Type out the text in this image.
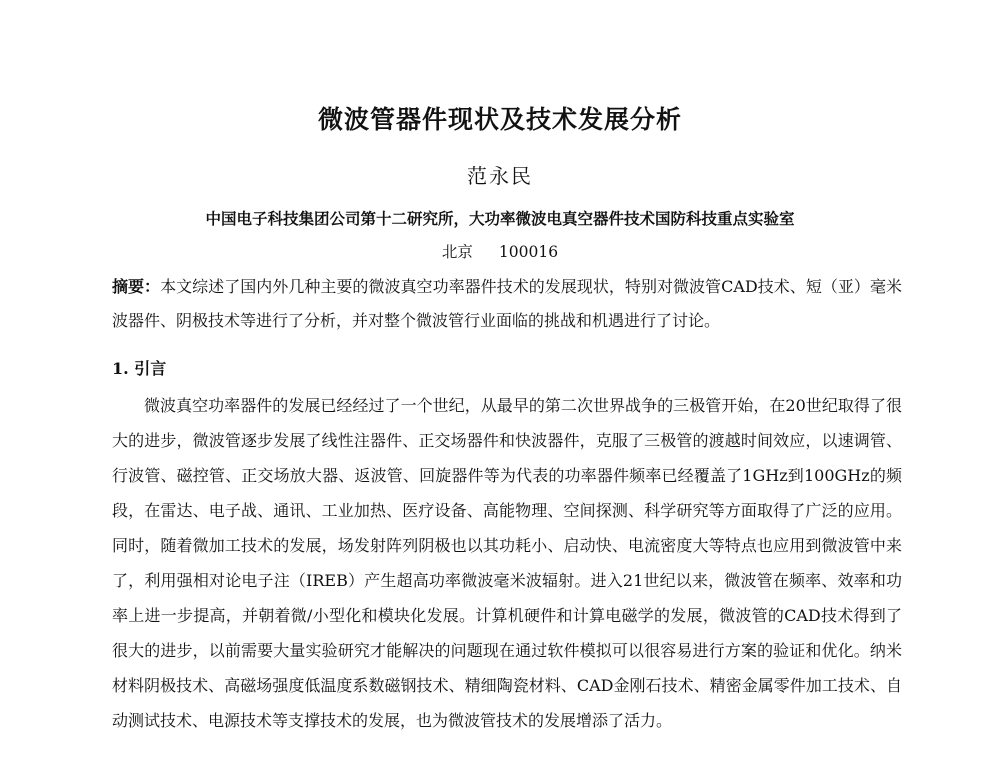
微波管器件现状及技术发展分析
范永民
中国电子科技集团公司第十二研究所，大功率微波电真空器件技术国防科技重点实验室
北京 100016
摘要：本文综述了国内外几种主要的微波真空功率器件技术的发展现状，特别对微波管CAD技术、短（亚）毫米波器件、阴极技术等进行了分析，并对整个微波管行业面临的挑战和机遇进行了讨论。
1. 引言

微波真空功率器件的发展已经经过了一个世纪，从最早的第二次世界战争的三极管开始，在20世纪取得了很大的进步，微波管逐步发展了线性注器件、正交场器件和快波器件，克服了三极管的渡越时间效应，以速调管、行波管、磁控管、正交场放大器、返波管、回旋器件等为代表的功率器件频率已经覆盖了1GHz到100GHz的频段，在雷达、电子战、通讯、工业加热、医疗设备、高能物理、空间探测、科学研究等方面取得了广泛的应用。同时，随着微加工技术的发展，场发射阵列阴极也以其功耗小、启动快、电流密度大等特点也应用到微波管中来了，利用强相对论电子注（IREB）产生超高功率微波毫米波辐射。进入21世纪以来，微波管在频率、效率和功率上进一步提高，并朝着微/小型化和模块化发展。计算机硬件和计算电磁学的发展，微波管的CAD技术得到了很大的进步，以前需要大量实验研究才能解决的问题现在通过软件模拟可以很容易进行方案的验证和优化。纳米材料阴极技术、高磁场强度低温度系数磁钢技术、精细陶瓷材料、CAD金刚石技术、精密金属零件加工技术、自动测试技术、电源技术等支撑技术的发展，也为微波管技术的发展增添了活力。
